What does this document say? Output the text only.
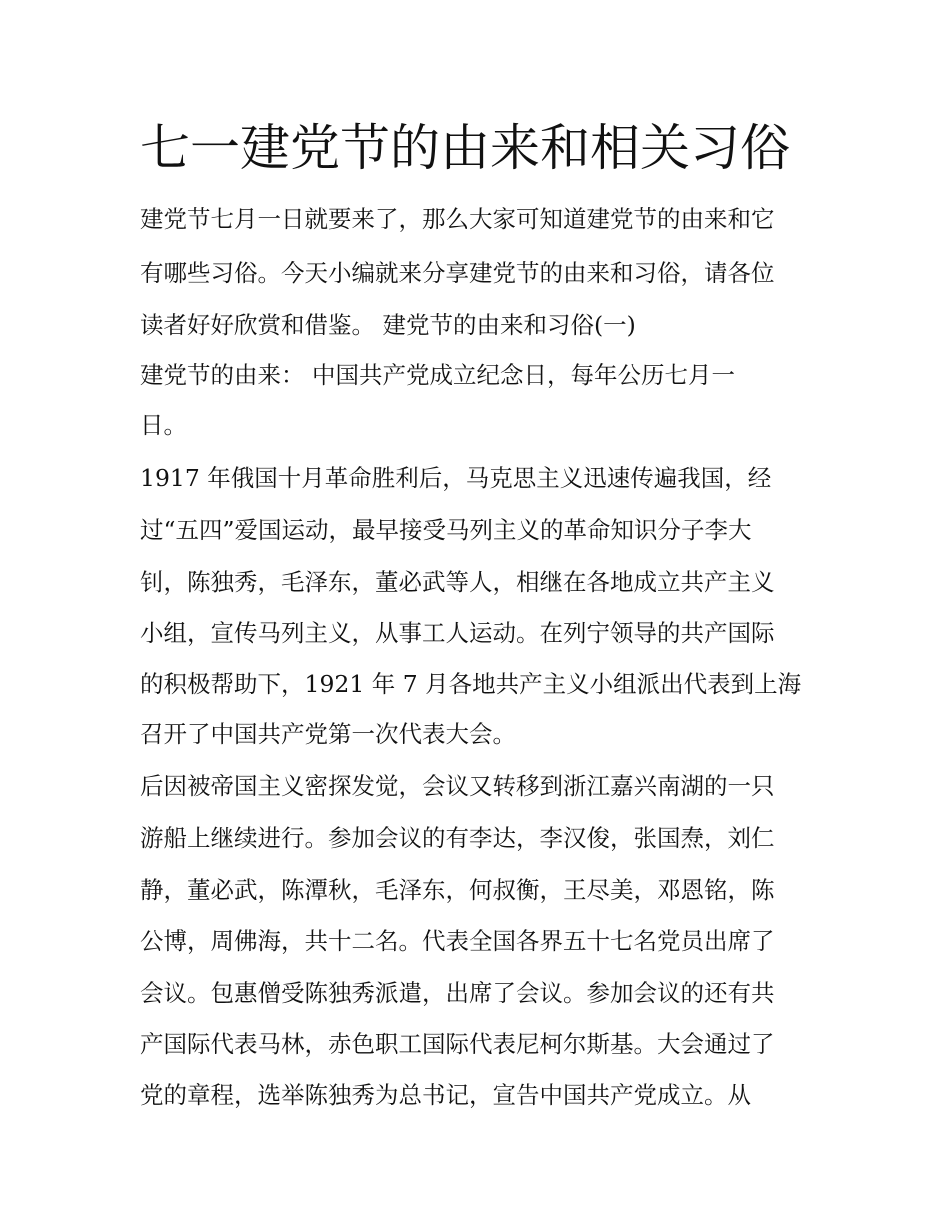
七一建党节的由来和相关习俗

建党节七月一日就要来了，那么大家可知道建党节的由来和它

有哪些习俗。今天小编就来分享建党节的由来和习俗，请各位

读者好好欣赏和借鉴。 建党节的由来和习俗(一)

建党节的由来： 中国共产党成立纪念日，每年公历七月一

日。

1917 年俄国十月革命胜利后，马克思主义迅速传遍我国，经

过“五四”爱国运动，最早接受马列主义的革命知识分子李大

钊，陈独秀，毛泽东，董必武等人，相继在各地成立共产主义

小组，宣传马列主义，从事工人运动。在列宁领导的共产国际

的积极帮助下，1921 年 7 月各地共产主义小组派出代表到上海

召开了中国共产党第一次代表大会。

后因被帝国主义密探发觉，会议又转移到浙江嘉兴南湖的一只

游船上继续进行。参加会议的有李达，李汉俊，张国焘，刘仁

静，董必武，陈潭秋，毛泽东，何叔衡，王尽美，邓恩铭，陈

公博，周佛海，共十二名。代表全国各界五十七名党员出席了

会议。包惠僧受陈独秀派遣，出席了会议。参加会议的还有共

产国际代表马林，赤色职工国际代表尼柯尔斯基。大会通过了

党的章程，选举陈独秀为总书记，宣告中国共产党成立。从
